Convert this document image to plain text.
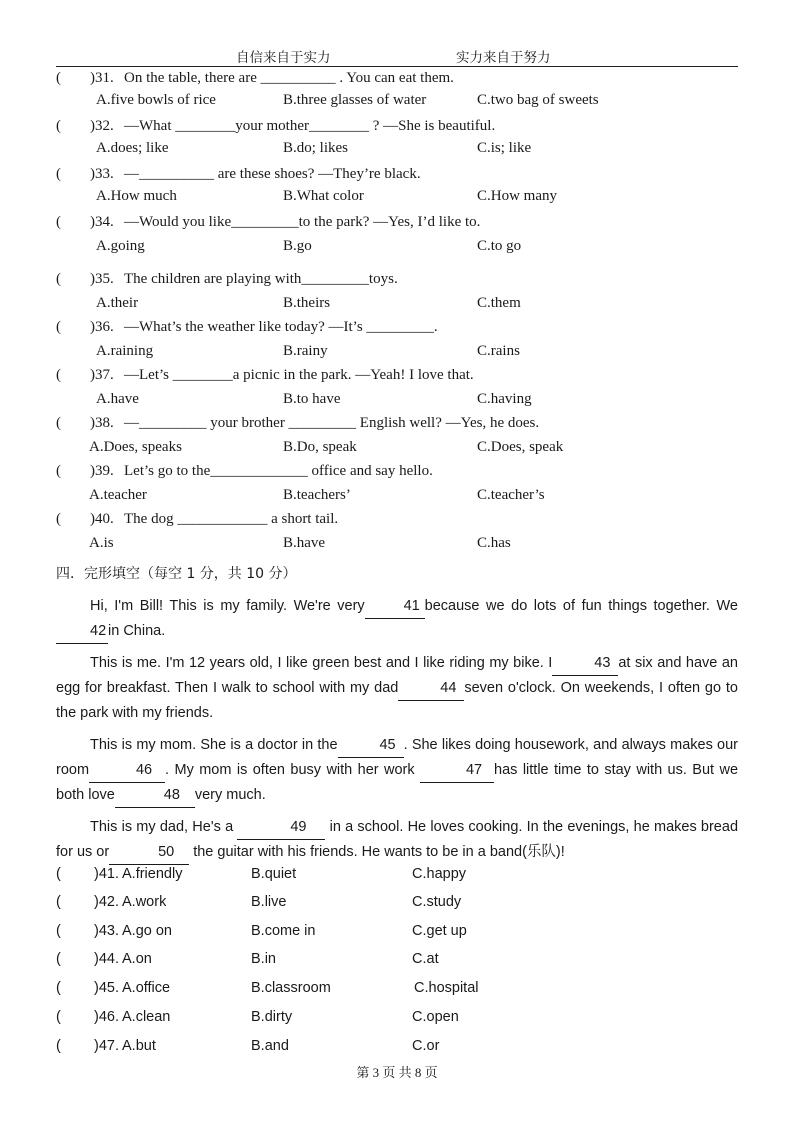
自信来自于实力	实力来自于努力
( )31. On the table, there are __________ . You can eat them.
A.five bowls of rice	B.three glasses of water	C.two bag of sweets
( )32. —What ________your mother________ ? —She is beautiful.
A.does; like	B.do; likes	C.is; like
( )33. —__________ are these shoes? —They’re black.
A.How much	B.What color	C.How many
( )34. —Would you like_________to the park? —Yes, I’d like to.
A.going	B.go	C.to go
( )35. The children are playing with_________toys.
A.their	B.theirs	C.them
( )36. —What’s the weather like today? —It’s _________.
A.raining	B.rainy	C.rains
( )37. —Let’s ________a picnic in the park. —Yeah! I love that.
A.have	B.to have	C.having
( )38. —_________ your brother _________ English well? —Yes, he does.
A.Does, speaks	B.Do, speak	C.Does, speak
( )39. Let’s go to the_____________ office and say hello.
A.teacher	B.teachers’	C.teacher’s
( )40. The dog ____________ a short tail.
A.is	B.have	C.has
四．完形填空（每空 1 分，共 10 分）
Hi, I'm Bill! This is my family. We're very	41 because we do lots of fun things together. We 42 in China.
This is me. I'm 12 years old, I like green best and I like riding my bike. I	43 at six and have an egg for breakfast. Then I walk to school with my dad	44 seven o'clock. On weekends, I often go to the park with my friends.
This is my mom. She is a doctor in the	45 . She likes doing housework, and always makes our room	46 . My mom is often busy with her work	47 has little time to stay with us. But we both love	48 very much.
This is my dad, He's a	49 in a school. He loves cooking. In the evenings, he makes bread for us or	50 the guitar with his friends. He wants to be in a band(乐队)!
( )41. A.friendly	B.quiet	C.happy
( )42. A.work	B.live	C.study
( )43. A.go on	B.come in	C.get up
( )44. A.on	B.in	C.at
( )45. A.office	B.classroom	C.hospital
( )46. A.clean	B.dirty	C.open
( )47. A.but	B.and	C.or
第 3 页 共 8 页
